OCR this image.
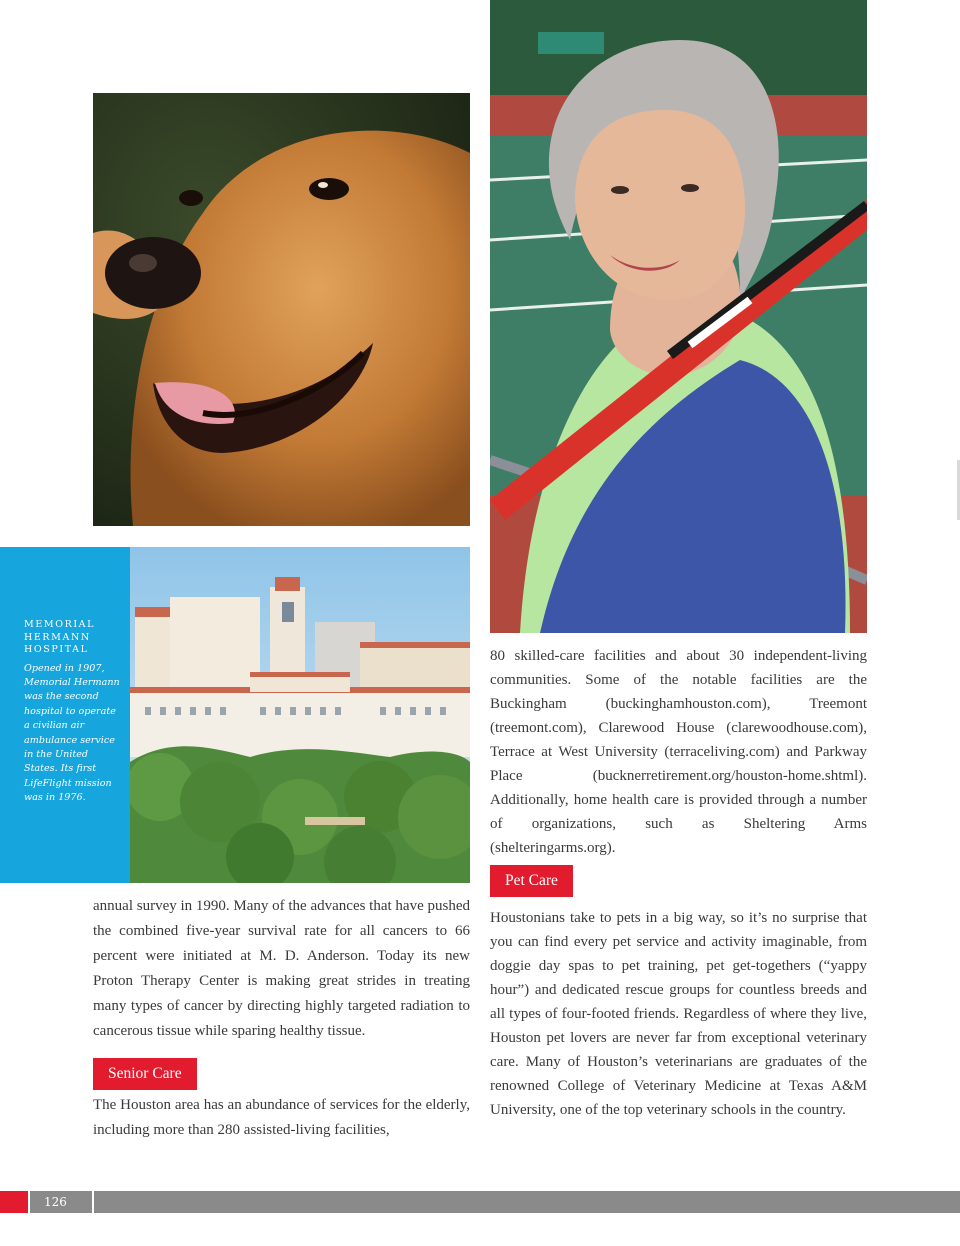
MEMORIAL HERMANN HOSPITAL
Opened in 1907, Memorial Hermann was the second hospital to operate a civilian air ambulance service in the United States. Its first LifeFlight mission was in 1976.
annual survey in 1990. Many of the advances that have pushed the combined five-year survival rate for all cancers to 66 percent were initiated at M. D. Anderson. Today its new Proton Therapy Center is making great strides in treating many types of cancer by directing highly targeted radiation to cancerous tissue while sparing healthy tissue.
Senior Care
The Houston area has an abundance of services for the elderly, including more than 280 assisted-living facilities,
80 skilled-care facilities and about 30 independent-living communities. Some of the notable facilities are the Buckingham (buckinghamhouston.com), Treemont (treemont.com), Clarewood House (clarewoodhouse.com), Terrace at West University (terraceliving.com) and Parkway Place (bucknerretirement.org/houston-home.shtml). Additionally, home health care is provided through a number of organizations, such as Sheltering Arms (shelteringarms.org).
Pet Care
Houstonians take to pets in a big way, so it’s no surprise that you can find every pet service and activity imaginable, from doggie day spas to pet training, pet get-togethers (“yappy hour”) and dedicated rescue groups for countless breeds and all types of four-footed friends. Regardless of where they live, Houston pet lovers are never far from exceptional veterinary care. Many of Houston’s veterinarians are graduates of the renowned College of Veterinary Medicine at Texas A&M University, one of the top veterinary schools in the country.
126
